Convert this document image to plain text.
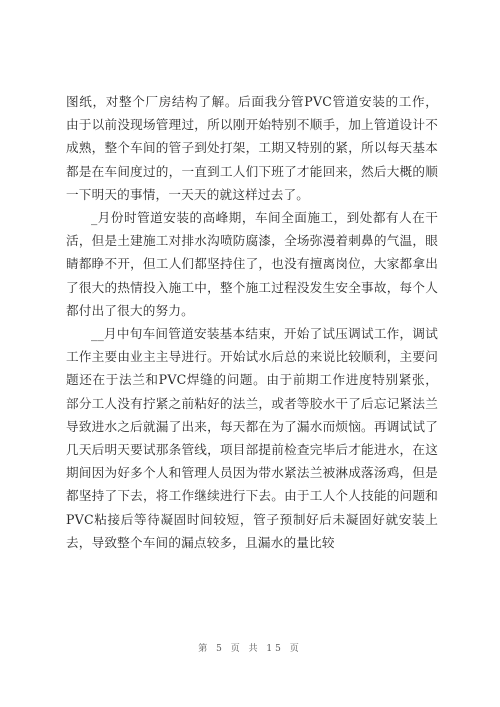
图纸，对整个厂房结构了解。后面我分管PVC管道安装的工作，由于以前没现场管理过，所以刚开始特别不顺手，加上管道设计不成熟，整个车间的管子到处打架，工期又特别的紧，所以每天基本都是在车间度过的，一直到工人们下班了才能回来，然后大概的顺一下明天的事情，一天天的就这样过去了。

_月份时管道安装的高峰期，车间全面施工，到处都有人在干活，但是土建施工对排水沟喷防腐漆，全场弥漫着刺鼻的气温，眼睛都睁不开，但工人们都坚持住了，也没有擅离岗位，大家都拿出了很大的热情投入施工中，整个施工过程没发生安全事故，每个人都付出了很大的努力。

__月中旬车间管道安装基本结束，开始了试压调试工作，调试工作主要由业主主导进行。开始试水后总的来说比较顺利，主要问题还在于法兰和PVC焊缝的问题。由于前期工作进度特别紧张，部分工人没有拧紧之前粘好的法兰，或者等胶水干了后忘记紧法兰导致进水之后就漏了出来，每天都在为了漏水而烦恼。再调试试了几天后明天要试那条管线，项目部提前检查完毕后才能进水，在这期间因为好多个人和管理人员因为带水紧法兰被淋成落汤鸡，但是都坚持了下去，将工作继续进行下去。由于工人个人技能的问题和PVC粘接后等待凝固时间较短，管子预制好后未凝固好就安装上去，导致整个车间的漏点较多，且漏水的量比较

第 5 页 共 15 页
